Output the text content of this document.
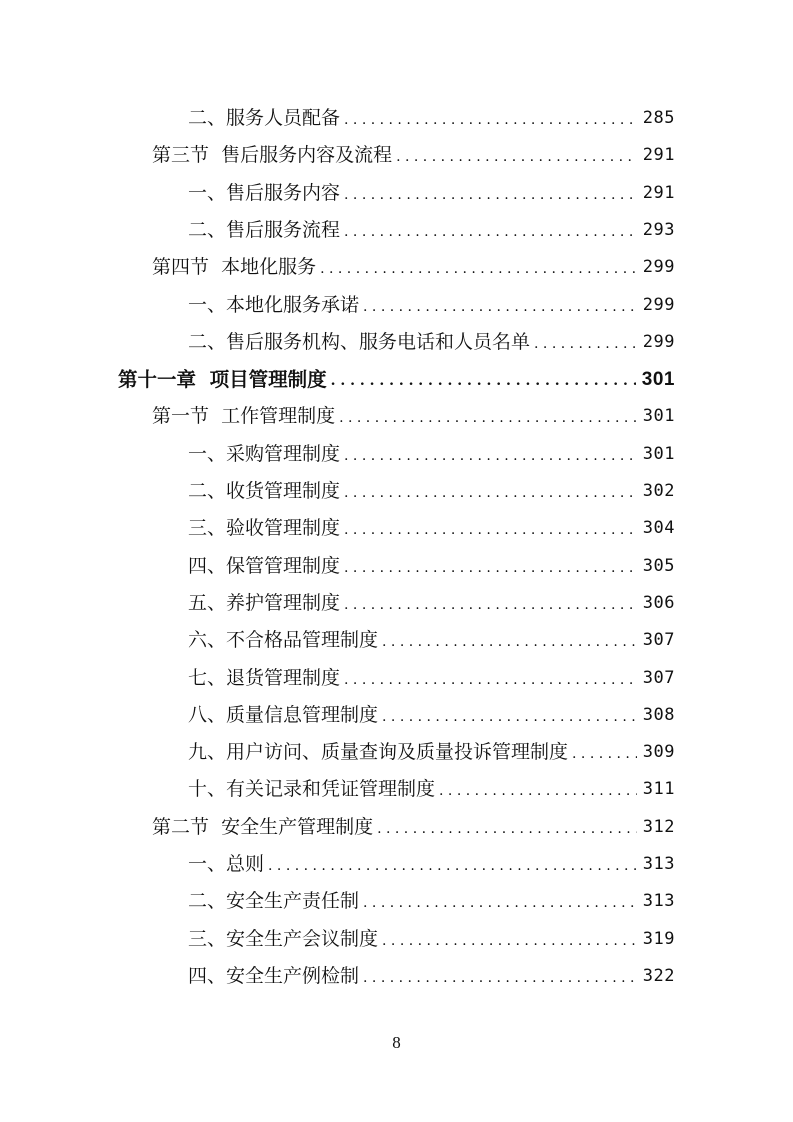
二、服务人员配备 . . .	285
第三节  售后服务内容及流程 . . .	291
一、售后服务内容 . . .	291
二、售后服务流程 . . .	293
第四节  本地化服务 . . .	299
一、本地化服务承诺 . . .	299
二、售后服务机构、服务电话和人员名单 . . .	299
第十一章  项目管理制度 . . .	301
第一节  工作管理制度 . . .	301
一、采购管理制度 . . .	301
二、收货管理制度 . . .	302
三、验收管理制度 . . .	304
四、保管管理制度 . . .	305
五、养护管理制度 . . .	306
六、不合格品管理制度 . . .	307
七、退货管理制度 . . .	307
八、质量信息管理制度 . . .	308
九、用户访问、质量查询及质量投诉管理制度 . . .	309
十、有关记录和凭证管理制度 . . .	311
第二节  安全生产管理制度 . . .	312
一、总则 . . .	313
二、安全生产责任制 . . .	313
三、安全生产会议制度 . . .	319
四、安全生产例检制 . . .	322
8
